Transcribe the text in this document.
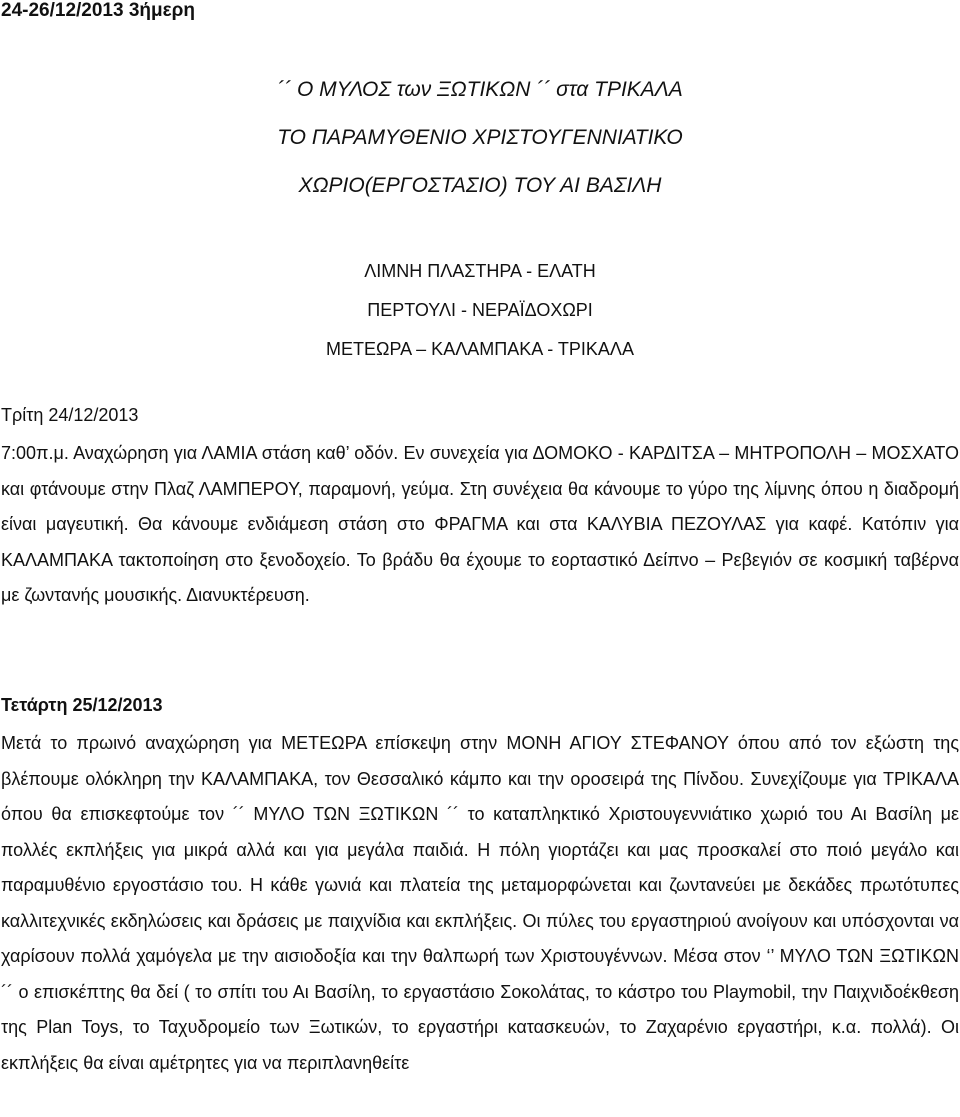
24-26/12/2013 3ήμερη
´´ Ο ΜΥΛΟΣ των ΞΩΤΙΚΩΝ ´´ στα ΤΡΙΚΑΛΑ
ΤΟ ΠΑΡΑΜΥΘΕΝΙΟ ΧΡΙΣΤΟΥΓΕΝΝΙΑΤΙΚΟ
ΧΩΡΙΟ(ΕΡΓΟΣΤΑΣΙΟ) ΤΟΥ ΑΙ ΒΑΣΙΛΗ
ΛΙΜΝΗ ΠΛΑΣΤΗΡΑ - ΕΛΑΤΗ
ΠΕΡΤΟΥΛΙ - ΝΕΡΑΪΔΟΧΩΡΙ
ΜΕΤΕΩΡΑ – ΚΑΛΑΜΠΑΚΑ - ΤΡΙΚΑΛΑ
Τρίτη 24/12/2013

7:00π.μ. Αναχώρηση για ΛΑΜΙΑ στάση καθ’ οδόν. Εν συνεχεία για ΔΟΜΟΚΟ - ΚΑΡΔΙΤΣΑ – ΜΗΤΡΟΠΟΛΗ – ΜΟΣΧΑΤΟ και φτάνουμε στην Πλαζ ΛΑΜΠΕΡΟΥ, παραμονή, γεύμα. Στη συνέχεια θα κάνουμε το γύρο της λίμνης όπου η διαδρομή είναι μαγευτική. Θα κάνουμε ενδιάμεση στάση στο ΦΡΑΓΜΑ και στα ΚΑΛΥΒΙΑ ΠΕΖΟΥΛΑΣ για καφέ. Κατόπιν για ΚΑΛΑΜΠΑΚΑ τακτοποίηση στο ξενοδοχείο. Το βράδυ θα έχουμε το εορταστικό Δείπνο – Ρεβεγιόν σε κοσμική ταβέρνα με ζωντανής μουσικής. Διανυκτέρευση.

Τετάρτη 25/12/2013

Μετά το πρωινό αναχώρηση για ΜΕΤΕΩΡΑ επίσκεψη στην ΜΟΝΗ ΑΓΙΟΥ ΣΤΕΦΑΝΟΥ όπου από τον εξώστη της βλέπουμε ολόκληρη την ΚΑΛΑΜΠΑΚΑ, τον Θεσσαλικό κάμπο και την οροσειρά της Πίνδου. Συνεχίζουμε για ΤΡΙΚΑΛΑ όπου θα επισκεφτούμε τον ´´ ΜΥΛΟ ΤΩΝ ΞΩΤΙΚΩΝ ´´ το καταπληκτικό Χριστουγεννιάτικο χωριό του Αι Βασίλη με πολλές εκπλήξεις για μικρά αλλά και για μεγάλα παιδιά. Η πόλη γιορτάζει και μας προσκαλεί στο ποιό μεγάλο και παραμυθένιο εργοστάσιο του. Η κάθε γωνιά και πλατεία της μεταμορφώνεται και ζωντανεύει με δεκάδες πρωτότυπες καλλιτεχνικές εκδηλώσεις και δράσεις με παιχνίδια και εκπλήξεις. Οι πύλες του εργαστηριού ανοίγουν και υπόσχονται να χαρίσουν πολλά χαμόγελα με την αισιοδοξία και την θαλπωρή των Χριστουγέννων. Μέσα στον ‘’ ΜΥΛΟ ΤΩΝ ΞΩΤΙΚΩΝ ´´ ο επισκέπτης θα δεί ( το σπίτι του Αι Βασίλη, το εργαστάσιο Σοκολάτας, το κάστρο του Playmobil, την Παιχνιδοέκθεση της Plan Toys, το Ταχυδρομείο των Ξωτικών, το εργαστήρι κατασκευών, το Ζαχαρένιο εργαστήρι, κ.α. πολλά). Οι εκπλήξεις θα είναι αμέτρητες για να περιπλανηθείτε
